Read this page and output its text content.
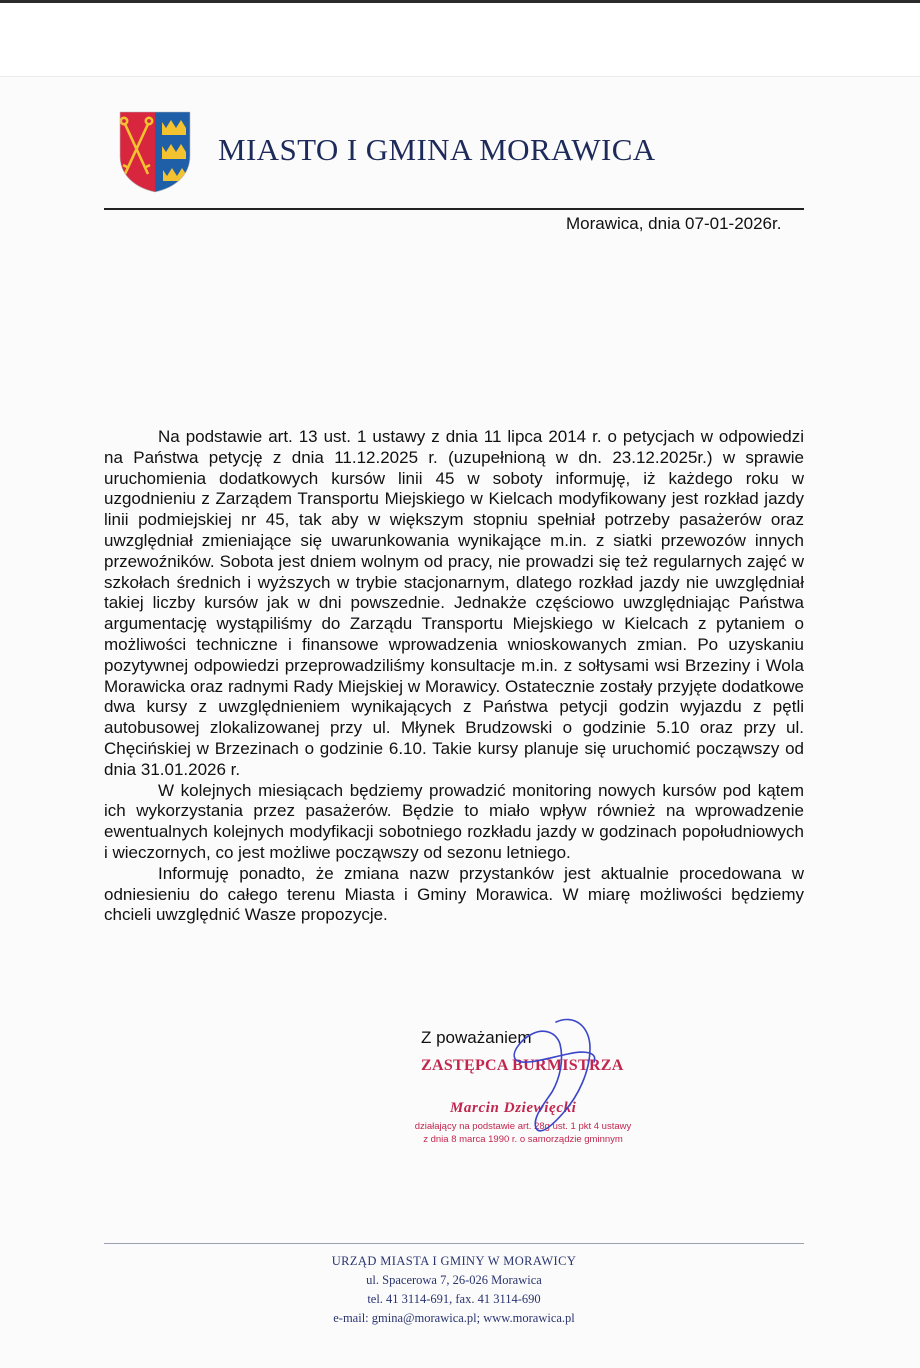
MIASTO I GMINA MORAWICA
Morawica, dnia 07-01-2026r.

Na podstawie art. 13 ust. 1 ustawy z dnia 11 lipca 2014 r. o petycjach w odpowiedzi na Państwa petycję z dnia 11.12.2025 r. (uzupełnioną w dn. 23.12.2025r.) w sprawie uruchomienia dodatkowych kursów linii 45 w soboty informuję, iż każdego roku w uzgodnieniu z Zarządem Transportu Miejskiego w Kielcach modyfikowany jest rozkład jazdy linii podmiejskiej nr 45, tak aby w większym stopniu spełniał potrzeby pasażerów oraz uwzględniał zmieniające się uwarunkowania wynikające m.in. z siatki przewozów innych przewoźników. Sobota jest dniem wolnym od pracy, nie prowadzi się też regularnych zajęć w szkołach średnich i wyższych w trybie stacjonarnym, dlatego rozkład jazdy nie uwzględniał takiej liczby kursów jak w dni powszednie. Jednakże częściowo uwzględniając Państwa argumentację wystąpiliśmy do Zarządu Transportu Miejskiego w Kielcach z pytaniem o możliwości techniczne i finansowe wprowadzenia wnioskowanych zmian. Po uzyskaniu pozytywnej odpowiedzi przeprowadziliśmy konsultacje m.in. z sołtysami wsi Brzeziny i Wola Morawicka oraz radnymi Rady Miejskiej w Morawicy. Ostatecznie zostały przyjęte dodatkowe dwa kursy z uwzględnieniem wynikających z Państwa petycji godzin wyjazdu z pętli autobusowej zlokalizowanej przy ul. Młynek Brudzowski o godzinie 5.10 oraz przy ul. Chęcińskiej w Brzezinach o godzinie 6.10. Takie kursy planuje się uruchomić począwszy od dnia 31.01.2026 r.

W kolejnych miesiącach będziemy prowadzić monitoring nowych kursów pod kątem ich wykorzystania przez pasażerów. Będzie to miało wpływ również na wprowadzenie ewentualnych kolejnych modyfikacji sobotniego rozkładu jazdy w godzinach popołudniowych i wieczornych, co jest możliwe począwszy od sezonu letniego.

Informuję ponadto, że zmiana nazw przystanków jest aktualnie procedowana w odniesieniu do całego terenu Miasta i Gminy Morawica. W miarę możliwości będziemy chcieli uwzględnić Wasze propozycje.

Z poważaniem
ZASTĘPCA BURMISTRZA
Marcin Dziewięcki
działający na podstawie art. 28g ust. 1 pkt 4 ustawy
z dnia 8 marca 1990 r. o samorządzie gminnym
URZĄD MIASTA I GMINY W MORAWICY
ul. Spacerowa 7, 26-026 Morawica
tel. 41 3114-691, fax. 41 3114-690
e-mail: gmina@morawica.pl; www.morawica.pl
